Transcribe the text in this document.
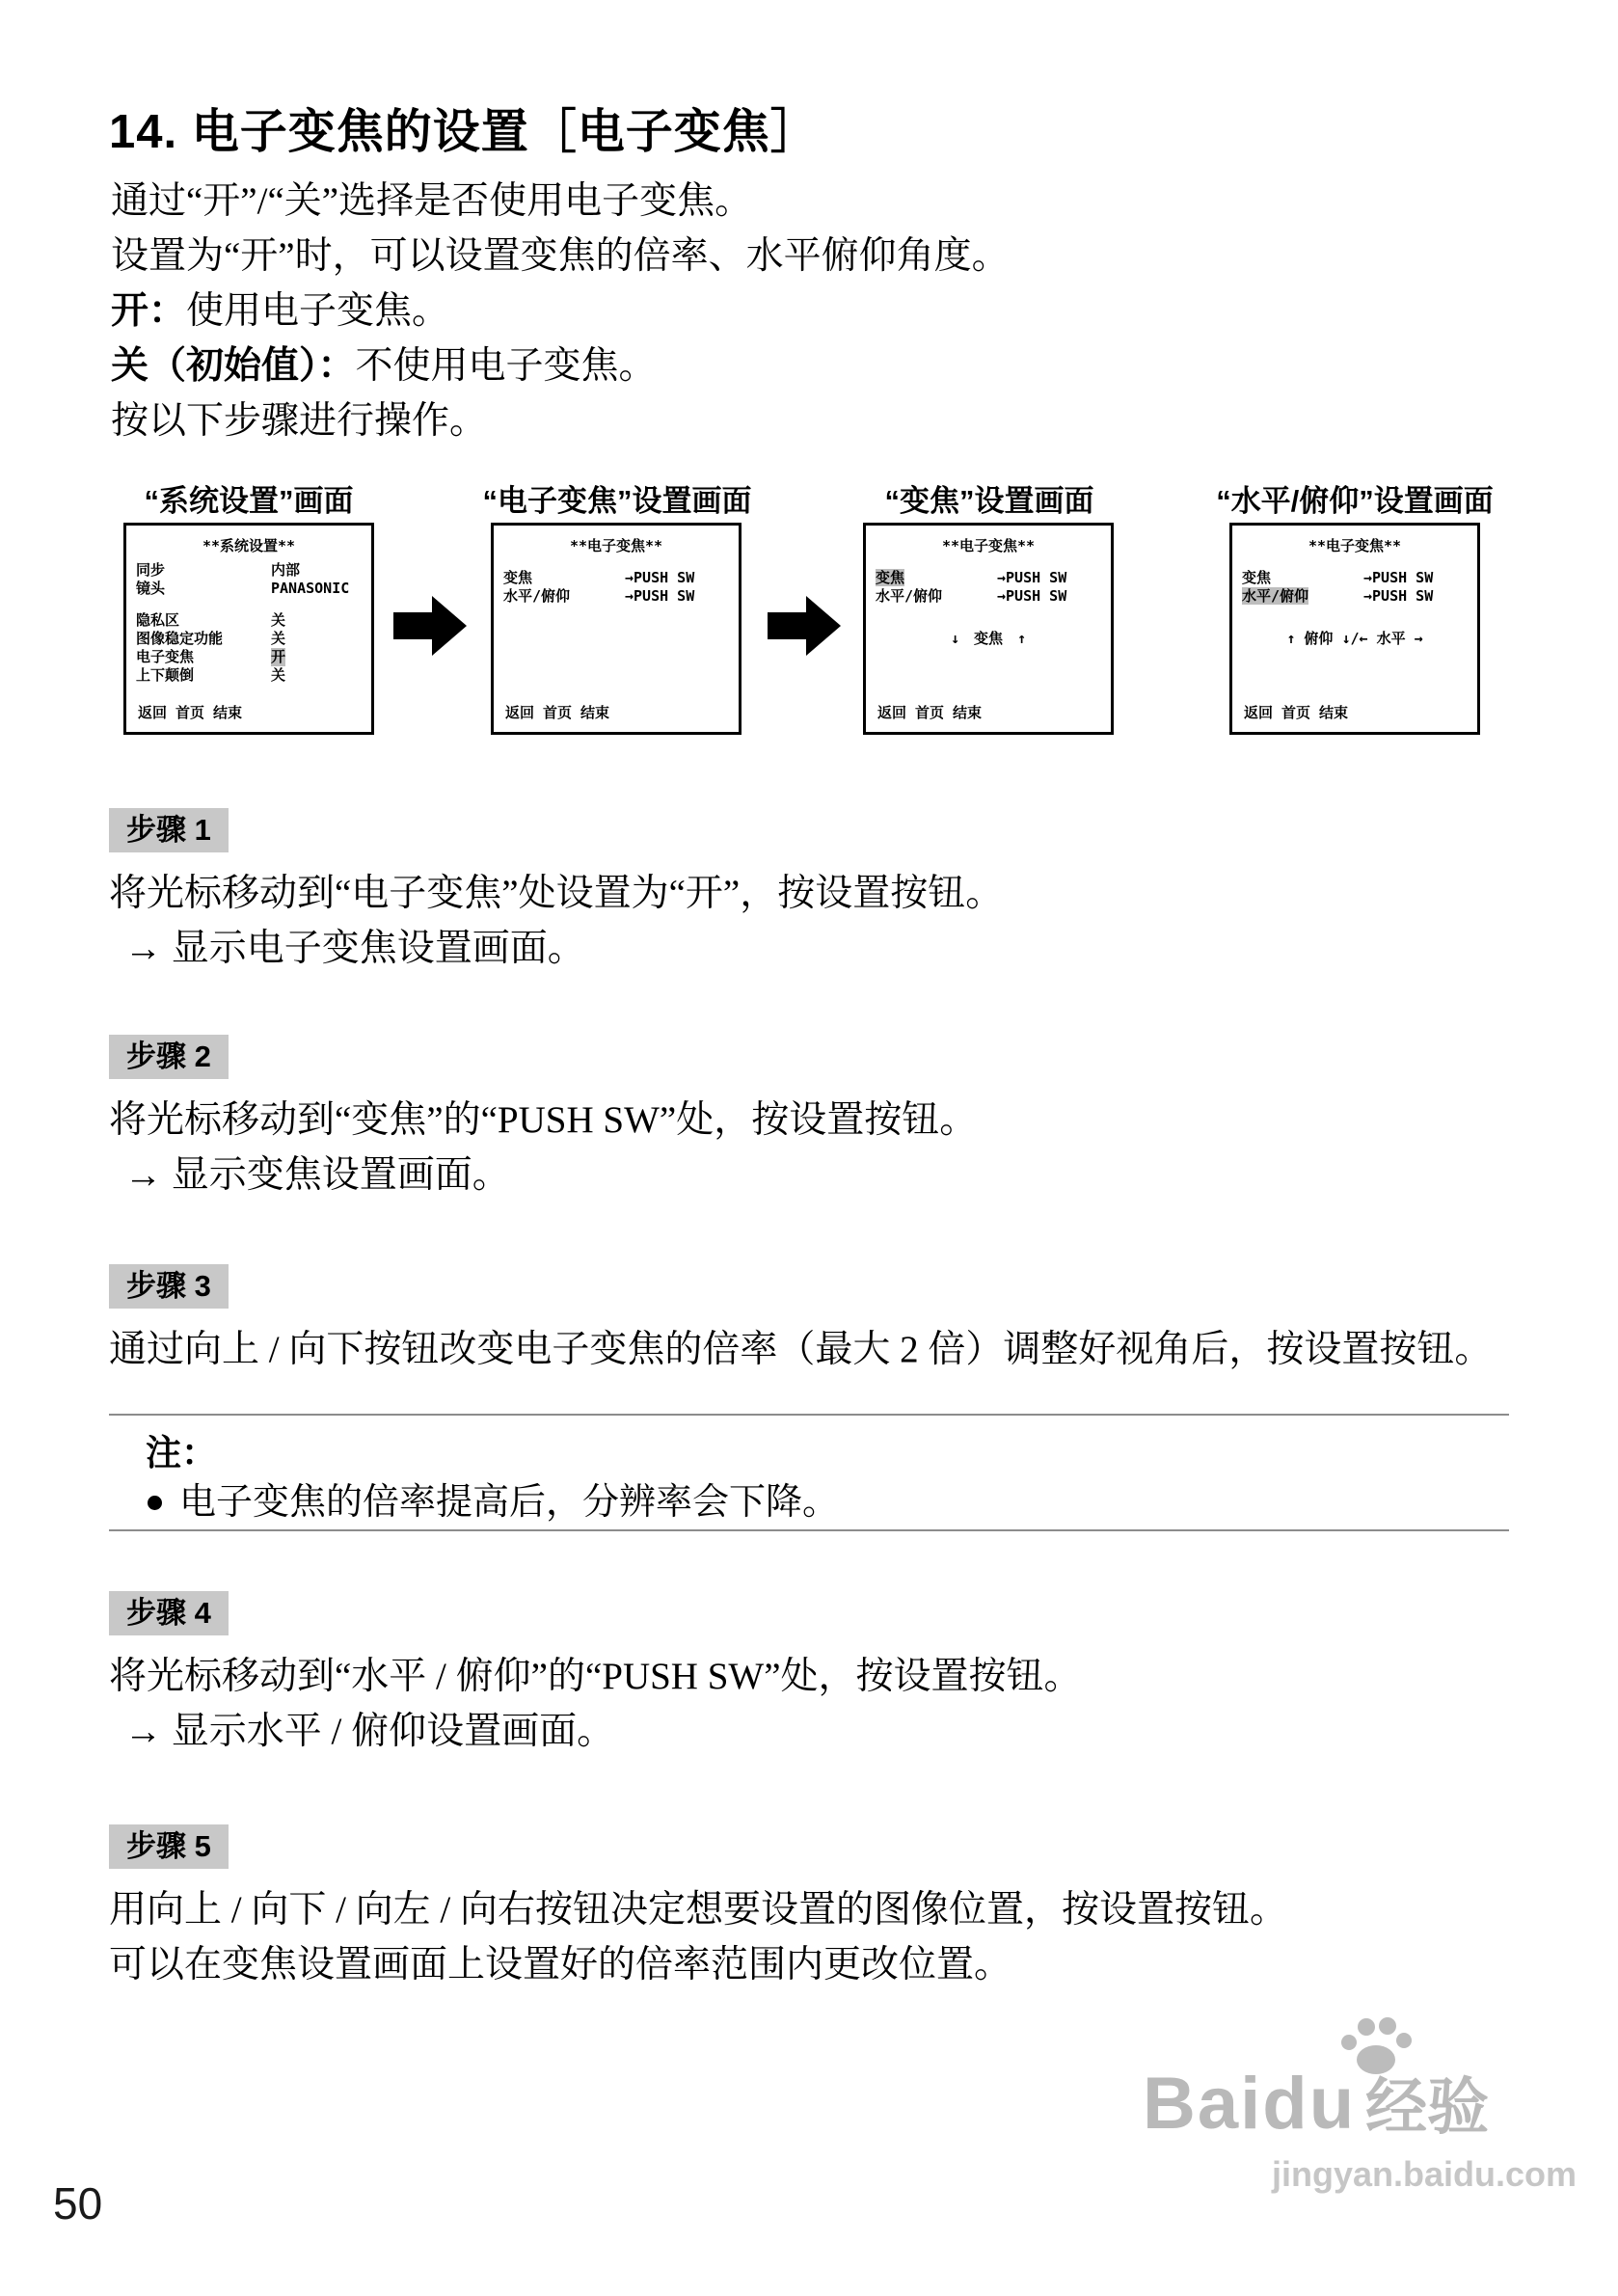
14. 电子变焦的设置［电子变焦］
通过“开”/“关”选择是否使用电子变焦。
设置为“开”时，可以设置变焦的倍率、水平俯仰角度。
开：使用电子变焦。
关（初始值）：不使用电子变焦。
按以下步骤进行操作。
“系统设置”画面	“电子变焦”设置画面	“变焦”设置画面	“水平/俯仰”设置画面
**系统设置**
同步	内部
镜头	PANASONIC
隐私区	关
图像稳定功能	关
电子变焦	开
上下颠倒	关
返回 首页 结束
**电子变焦**
变焦	→PUSH SW
水平/俯仰	→PUSH SW
返回 首页 结束
**电子变焦**
变焦	→PUSH SW
水平/俯仰	→PUSH SW
↓　变焦　↑
返回 首页 结束
**电子变焦**
变焦	→PUSH SW
水平/俯仰	→PUSH SW
↑ 俯仰 ↓/← 水平 →
返回 首页 结束
步骤 1
将光标移动到“电子变焦”处设置为“开”，按设置按钮。
→ 显示电子变焦设置画面。
步骤 2
将光标移动到“变焦”的“PUSH SW”处，按设置按钮。
→ 显示变焦设置画面。
步骤 3
通过向上 / 向下按钮改变电子变焦的倍率（最大 2 倍）调整好视角后，按设置按钮。
注：
电子变焦的倍率提高后，分辨率会下降。
步骤 4
将光标移动到“水平 / 俯仰”的“PUSH SW”处，按设置按钮。
→ 显示水平 / 俯仰设置画面。
步骤 5
用向上 / 向下 / 向左 / 向右按钮决定想要设置的图像位置，按设置按钮。
可以在变焦设置画面上设置好的倍率范围内更改位置。
Baidu 经验
jingyan.baidu.com
50
